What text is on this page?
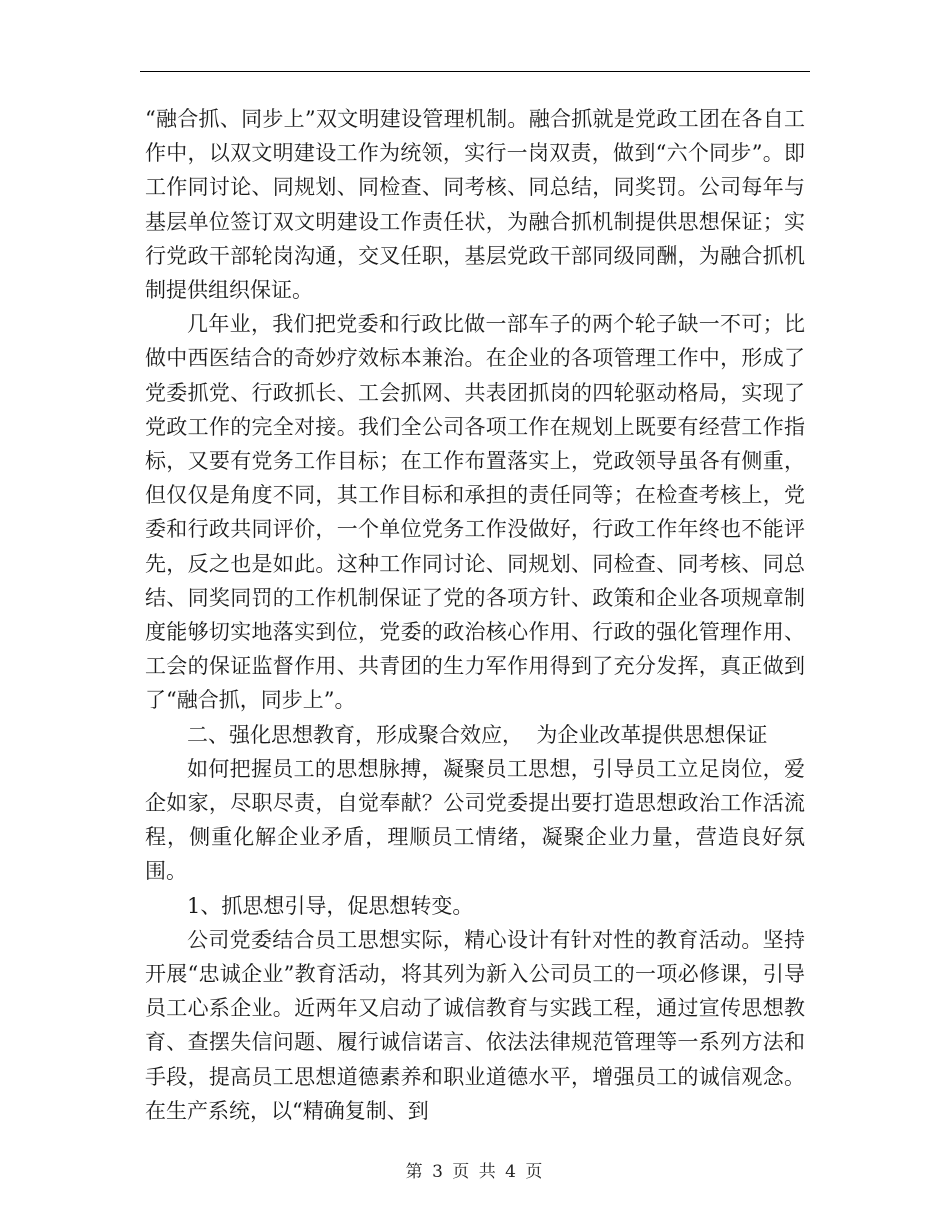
“融合抓、同步上”双文明建设管理机制。融合抓就是党政工团在各自工作中，以双文明建设工作为统领，实行一岗双责，做到“六个同步”。即工作同讨论、同规划、同检查、同考核、同总结，同奖罚。公司每年与基层单位签订双文明建设工作责任状，为融合抓机制提供思想保证；实行党政干部轮岗沟通，交叉任职，基层党政干部同级同酬，为融合抓机制提供组织保证。

几年业，我们把党委和行政比做一部车子的两个轮子缺一不可；比做中西医结合的奇妙疗效标本兼治。在企业的各项管理工作中，形成了党委抓党、行政抓长、工会抓网、共表团抓岗的四轮驱动格局，实现了党政工作的完全对接。我们全公司各项工作在规划上既要有经营工作指标，又要有党务工作目标；在工作布置落实上，党政领导虽各有侧重，但仅仅是角度不同，其工作目标和承担的责任同等；在检查考核上，党委和行政共同评价，一个单位党务工作没做好，行政工作年终也不能评先，反之也是如此。这种工作同讨论、同规划、同检查、同考核、同总结、同奖同罚的工作机制保证了党的各项方针、政策和企业各项规章制度能够切实地落实到位，党委的政治核心作用、行政的强化管理作用、工会的保证监督作用、共青团的生力军作用得到了充分发挥，真正做到了“融合抓，同步上”。

二、强化思想教育，形成聚合效应，  为企业改革提供思想保证

如何把握员工的思想脉搏，凝聚员工思想，引导员工立足岗位，爱企如家，尽职尽责，自觉奉献？公司党委提出要打造思想政治工作活流程，侧重化解企业矛盾，理顺员工情绪，凝聚企业力量，营造良好氛围。

1、抓思想引导，促思想转变。

公司党委结合员工思想实际，精心设计有针对性的教育活动。坚持开展“忠诚企业”教育活动，将其列为新入公司员工的一项必修课，引导员工心系企业。近两年又启动了诚信教育与实践工程，通过宣传思想教育、查摆失信问题、履行诚信诺言、依法法律规范管理等一系列方法和手段，提高员工思想道德素养和职业道德水平，增强员工的诚信观念。在生产系统，以“精确复制、到

第 3 页 共 4 页
